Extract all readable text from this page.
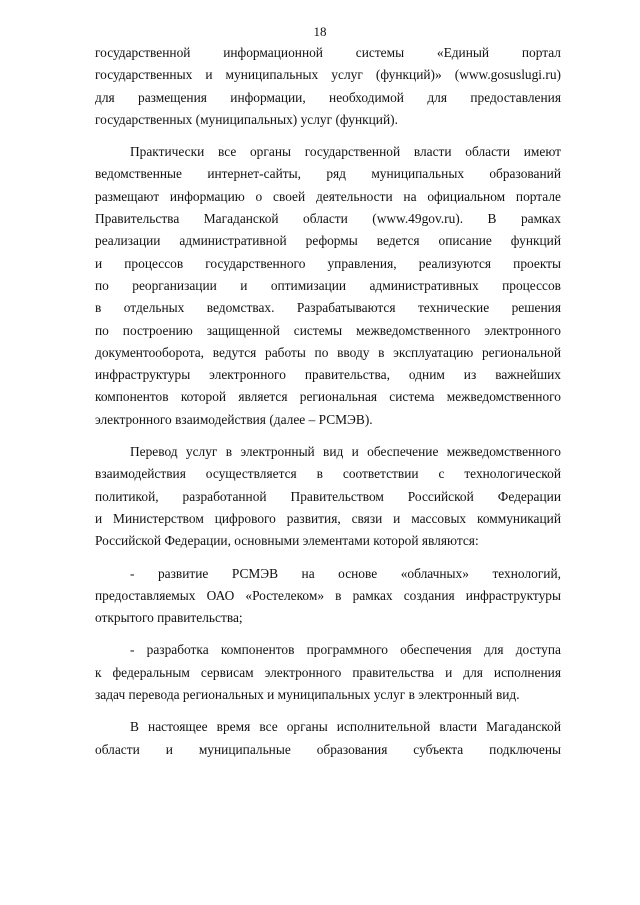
18
государственной информационной системы «Единый портал
государственных и муниципальных услуг (функций)» (www.gosuslugi.ru)
для размещения информации, необходимой для предоставления
государственных (муниципальных) услуг (функций).
Практически все органы государственной власти области имеют
ведомственные интернет-сайты, ряд муниципальных образований
размещают информацию о своей деятельности на официальном портале
Правительства Магаданской области (www.49gov.ru). В рамках
реализации административной реформы ведется описание функций
и процессов государственного управления, реализуются проекты
по реорганизации и оптимизации административных процессов
в отдельных ведомствах. Разрабатываются технические решения
по построению защищенной системы межведомственного электронного
документооборота, ведутся работы по вводу в эксплуатацию региональной
инфраструктуры электронного правительства, одним из важнейших
компонентов которой является региональная система межведомственного
электронного взаимодействия (далее – РСМЭВ).
Перевод услуг в электронный вид и обеспечение межведомственного
взаимодействия осуществляется в соответствии с технологической
политикой, разработанной Правительством Российской Федерации
и Министерством цифрового развития, связи и массовых коммуникаций
Российской Федерации, основными элементами которой являются:
- развитие РСМЭВ на основе «облачных» технологий,
предоставляемых ОАО «Ростелеком» в рамках создания инфраструктуры
открытого правительства;
- разработка компонентов программного обеспечения для доступа
к федеральным сервисам электронного правительства и для исполнения
задач перевода региональных и муниципальных услуг в электронный вид.
В настоящее время все органы исполнительной власти Магаданской
области и муниципальные образования субъекта подключены
